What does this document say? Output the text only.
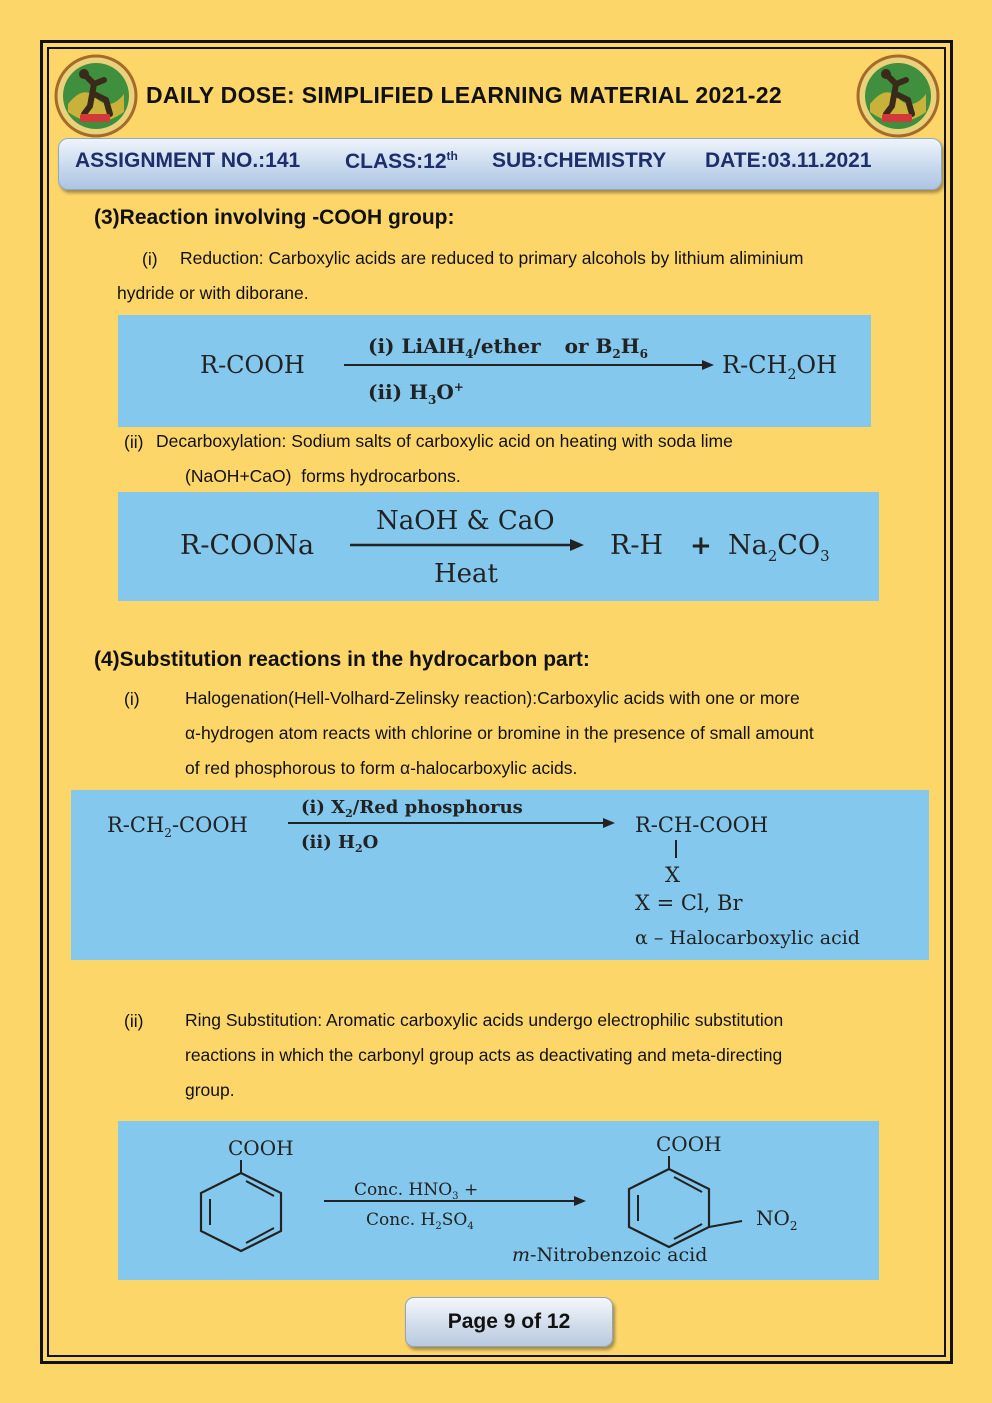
DAILY DOSE: SIMPLIFIED LEARNING MATERIAL 2021-22
ASSIGNMENT NO.:141 CLASS:12th SUB:CHEMISTRY DATE:03.11.2021
(3)Reaction involving -COOH group:
(i) Reduction: Carboxylic acids are reduced to primary alcohols by lithium aliminium
hydride or with diborane.
R-COOH
(i) LiAlH$_4$/ether or $B_2H_6$
(ii) $H_3O^+$
$R-CH_2OH$
(ii) Decarboxylation: Sodium salts of carboxylic acid on heating with soda lime
(NaOH+CaO)  forms hydrocarbons.
R-COONa
NaOH & CaO
Heat
$R-H + Na_2CO_3$
(4)Substitution reactions in the hydrocarbon part:
(i)	Halogenation(Hell-Volhard-Zelinsky reaction):Carboxylic acids with one or more
α-hydrogen atom reacts with chlorine or bromine in the presence of small amount
of red phosphorous to form α-halocarboxylic acids.
$R-CH_2$-COOH
(i) $X_2$/Red phosphorus
(ii) $H_2O$
R-CH-COOH
X
X = Cl, Br
α – Halocarboxylic acid
(ii) Ring Substitution: Aromatic carboxylic acids undergo electrophilic substitution
reactions in which the carbonyl group acts as deactivating and meta-directing
group.
COOH
Conc. $HNO_3$ +
Conc. $H_2SO_4$
COOH
$NO_2$
m-Nitrobenzoic acid
Page 9 of 12
